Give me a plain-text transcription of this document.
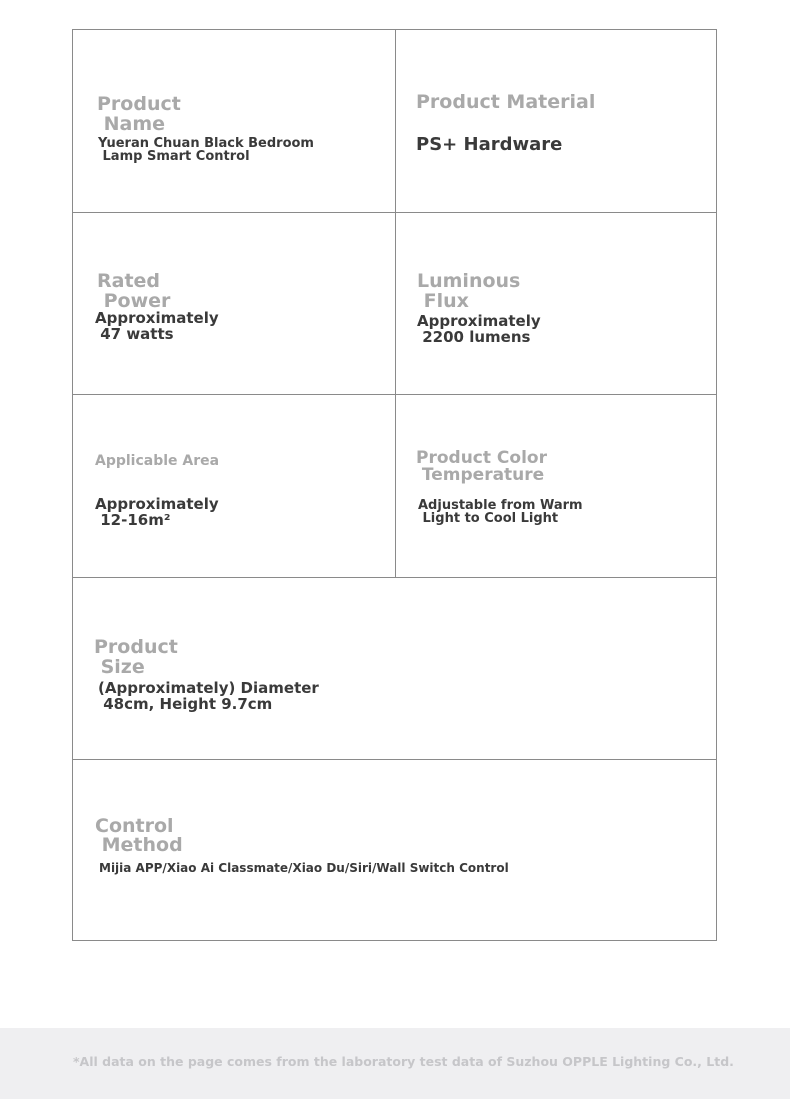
Product
Name
Yueran Chuan Black Bedroom
Lamp Smart Control
Product Material
PS+ Hardware
Rated
Power
Approximately
47 watts
Luminous
Flux
Approximately
2200 lumens
Applicable Area
Approximately
12-16m²
Product Color
Temperature
Adjustable from Warm
Light to Cool Light
Product
Size
(Approximately) Diameter
48cm, Height 9.7cm
Control
Method
Mijia APP/Xiao Ai Classmate/Xiao Du/Siri/Wall Switch Control
*All data on the page comes from the laboratory test data of Suzhou OPPLE Lighting Co., Ltd.
